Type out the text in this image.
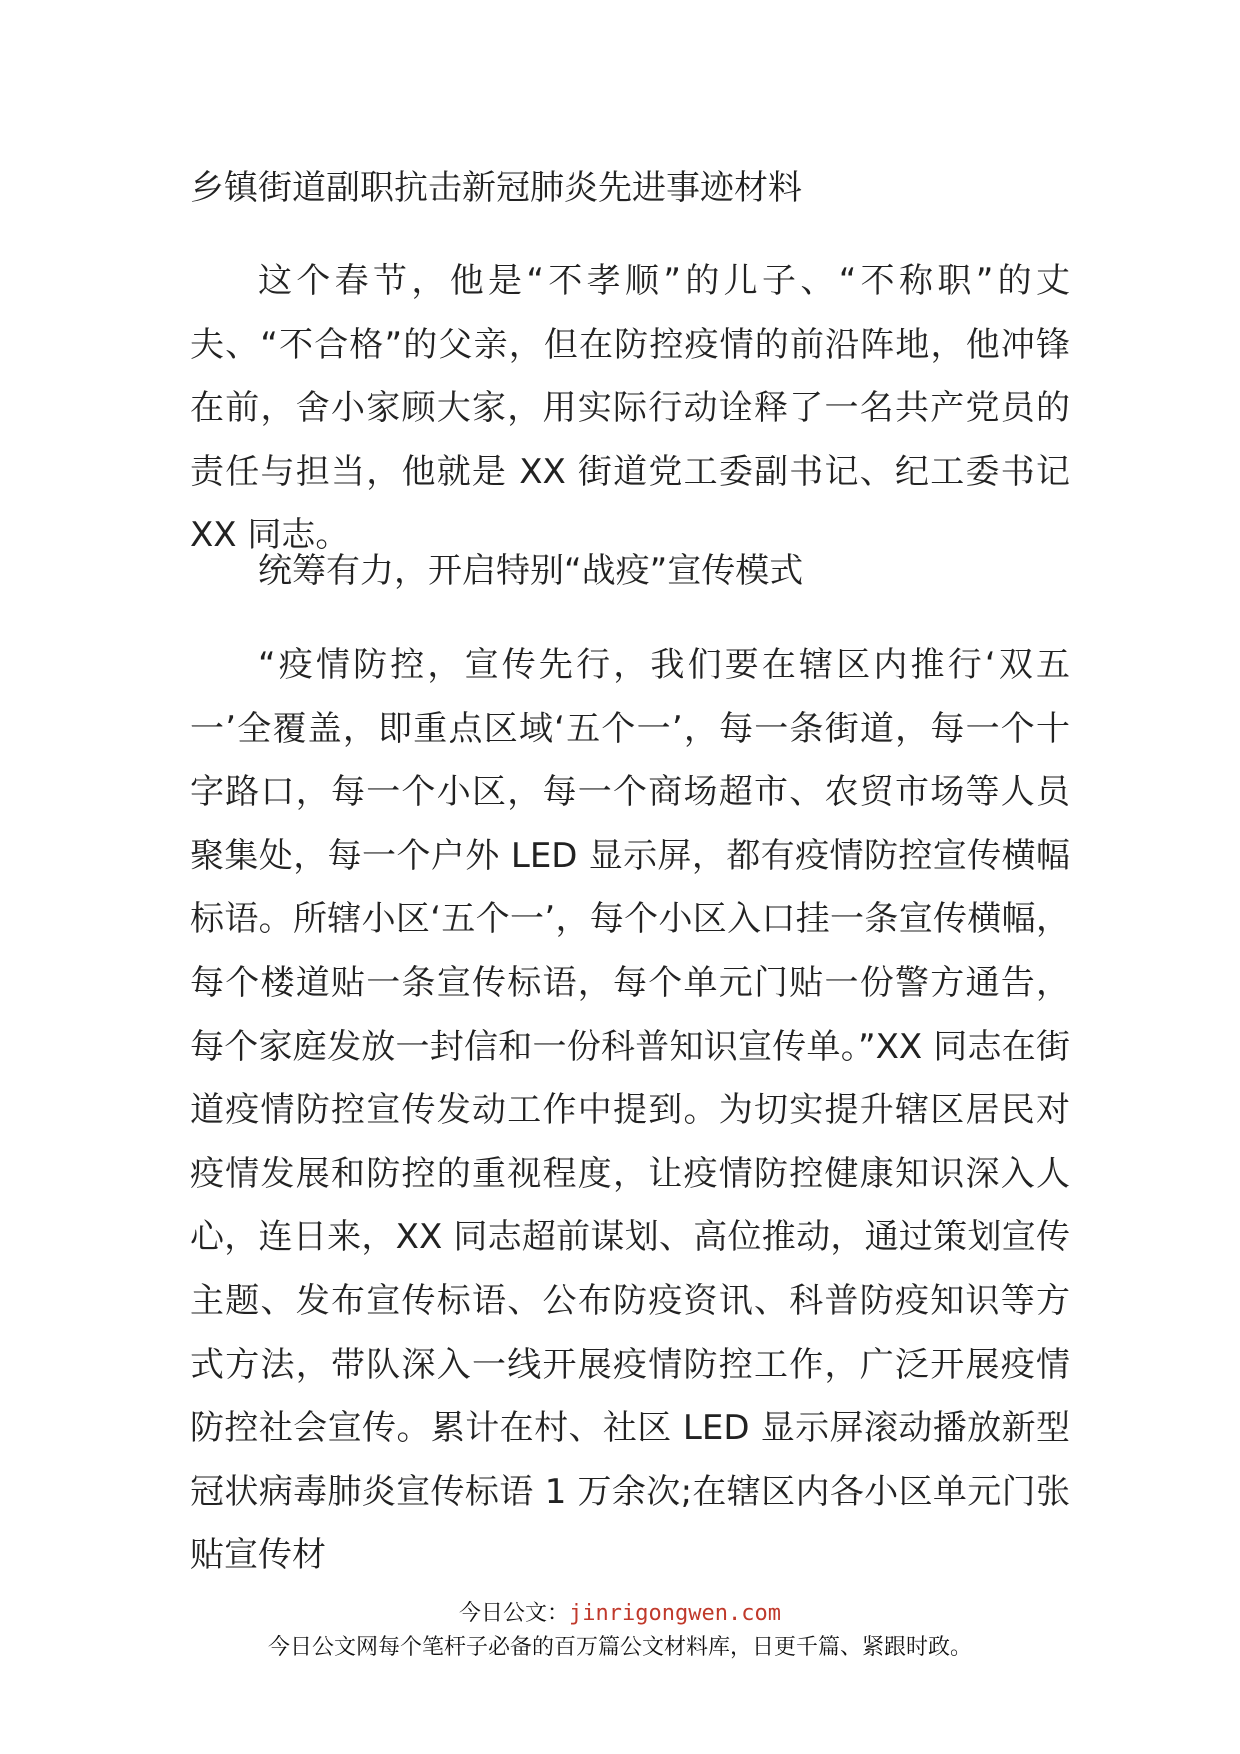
乡镇街道副职抗击新冠肺炎先进事迹材料

这个春节，他是“不孝顺”的儿子、“不称职”的丈夫、“不合格”的父亲，但在防控疫情的前沿阵地，他冲锋在前，舍小家顾大家，用实际行动诠释了一名共产党员的责任与担当，他就是 XX 街道党工委副书记、纪工委书记 XX 同志。

统筹有力，开启特别“战疫”宣传模式

“疫情防控，宣传先行，我们要在辖区内推行‘双五一’全覆盖，即重点区域‘五个一’，每一条街道，每一个十字路口，每一个小区，每一个商场超市、农贸市场等人员聚集处，每一个户外 LED 显示屏，都有疫情防控宣传横幅标语。所辖小区‘五个一’，每个小区入口挂一条宣传横幅，每个楼道贴一条宣传标语，每个单元门贴一份警方通告，每个家庭发放一封信和一份科普知识宣传单。”XX 同志在街道疫情防控宣传发动工作中提到。为切实提升辖区居民对疫情发展和防控的重视程度，让疫情防控健康知识深入人心，连日来，XX 同志超前谋划、高位推动，通过策划宣传主题、发布宣传标语、公布防疫资讯、科普防疫知识等方式方法，带队深入一线开展疫情防控工作，广泛开展疫情防控社会宣传。累计在村、社区 LED 显示屏滚动播放新型冠状病毒肺炎宣传标语 1 万余次;在辖区内各小区单元门张贴宣传材

今日公文：jinrigongwen.com
今日公文网每个笔杆子必备的百万篇公文材料库，日更千篇、紧跟时政。
